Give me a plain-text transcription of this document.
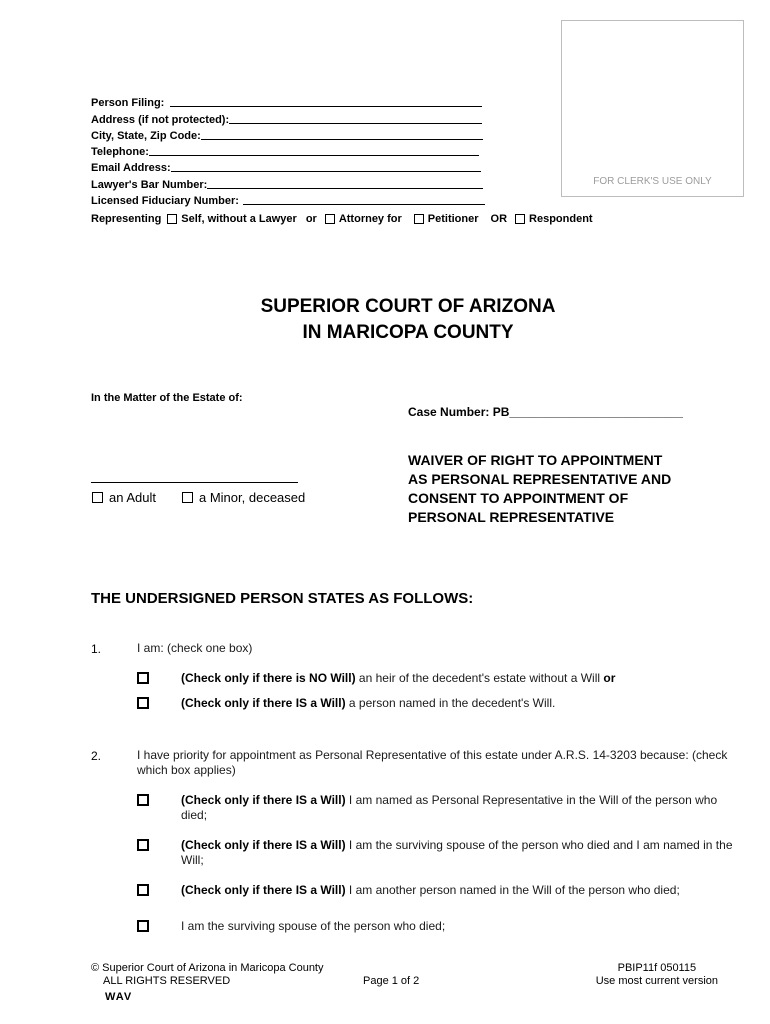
FOR CLERK'S USE ONLY
Person Filing:
Address (if not protected):
City, State, Zip Code:
Telephone:
Email Address:
Lawyer's Bar Number:
Licensed Fiduciary Number:
Representing Self, without a Lawyer or Attorney for Petitioner OR Respondent
SUPERIOR COURT OF ARIZONA
IN MARICOPA COUNTY
In the Matter of the Estate of:
Case Number: PB__________________________
WAIVER OF RIGHT TO APPOINTMENT
AS PERSONAL REPRESENTATIVE AND
CONSENT TO APPOINTMENT OF
PERSONAL REPRESENTATIVE
an Adult	a Minor, deceased
THE UNDERSIGNED PERSON STATES AS FOLLOWS:
1.	I am: (check one box)
(Check only if there is NO Will) an heir of the decedent's estate without a Will or
(Check only if there IS a Will) a person named in the decedent's Will.
2.	I have priority for appointment as Personal Representative of this estate under A.R.S. 14-3203 because: (check which box applies)
(Check only if there IS a Will) I am named as Personal Representative in the Will of the person who died;
(Check only if there IS a Will) I am the surviving spouse of the person who died and I am named in the Will;
(Check only if there IS a Will) I am another person named in the Will of the person who died;
I am the surviving spouse of the person who died;
© Superior Court of Arizona in Maricopa County
ALL RIGHTS RESERVED
WAV
Page 1 of 2
PBIP11f 050115
Use most current version
